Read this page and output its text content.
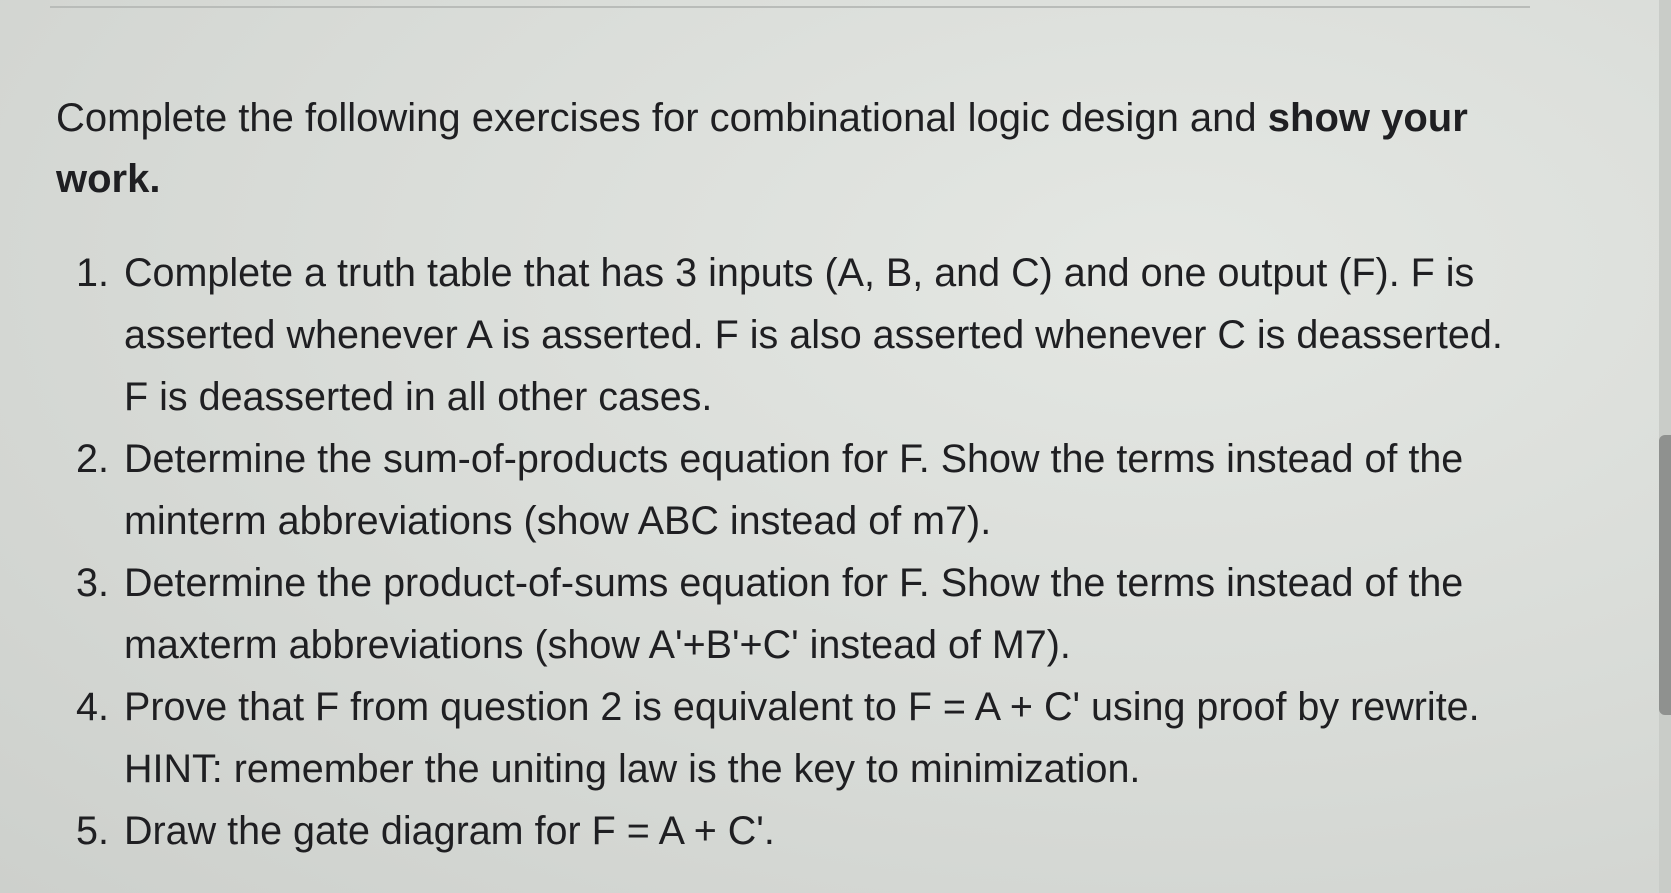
Complete the following exercises for combinational logic design and show your work.

1. Complete a truth table that has 3 inputs (A, B, and C) and one output (F). F is asserted whenever A is asserted. F is also asserted whenever C is deasserted. F is deasserted in all other cases.
2. Determine the sum-of-products equation for F. Show the terms instead of the minterm abbreviations (show ABC instead of m7).
3. Determine the product-of-sums equation for F. Show the terms instead of the maxterm abbreviations (show A'+B'+C' instead of M7).
4. Prove that F from question 2 is equivalent to F = A + C' using proof by rewrite. HINT: remember the uniting law is the key to minimization.
5. Draw the gate diagram for F = A + C'.
